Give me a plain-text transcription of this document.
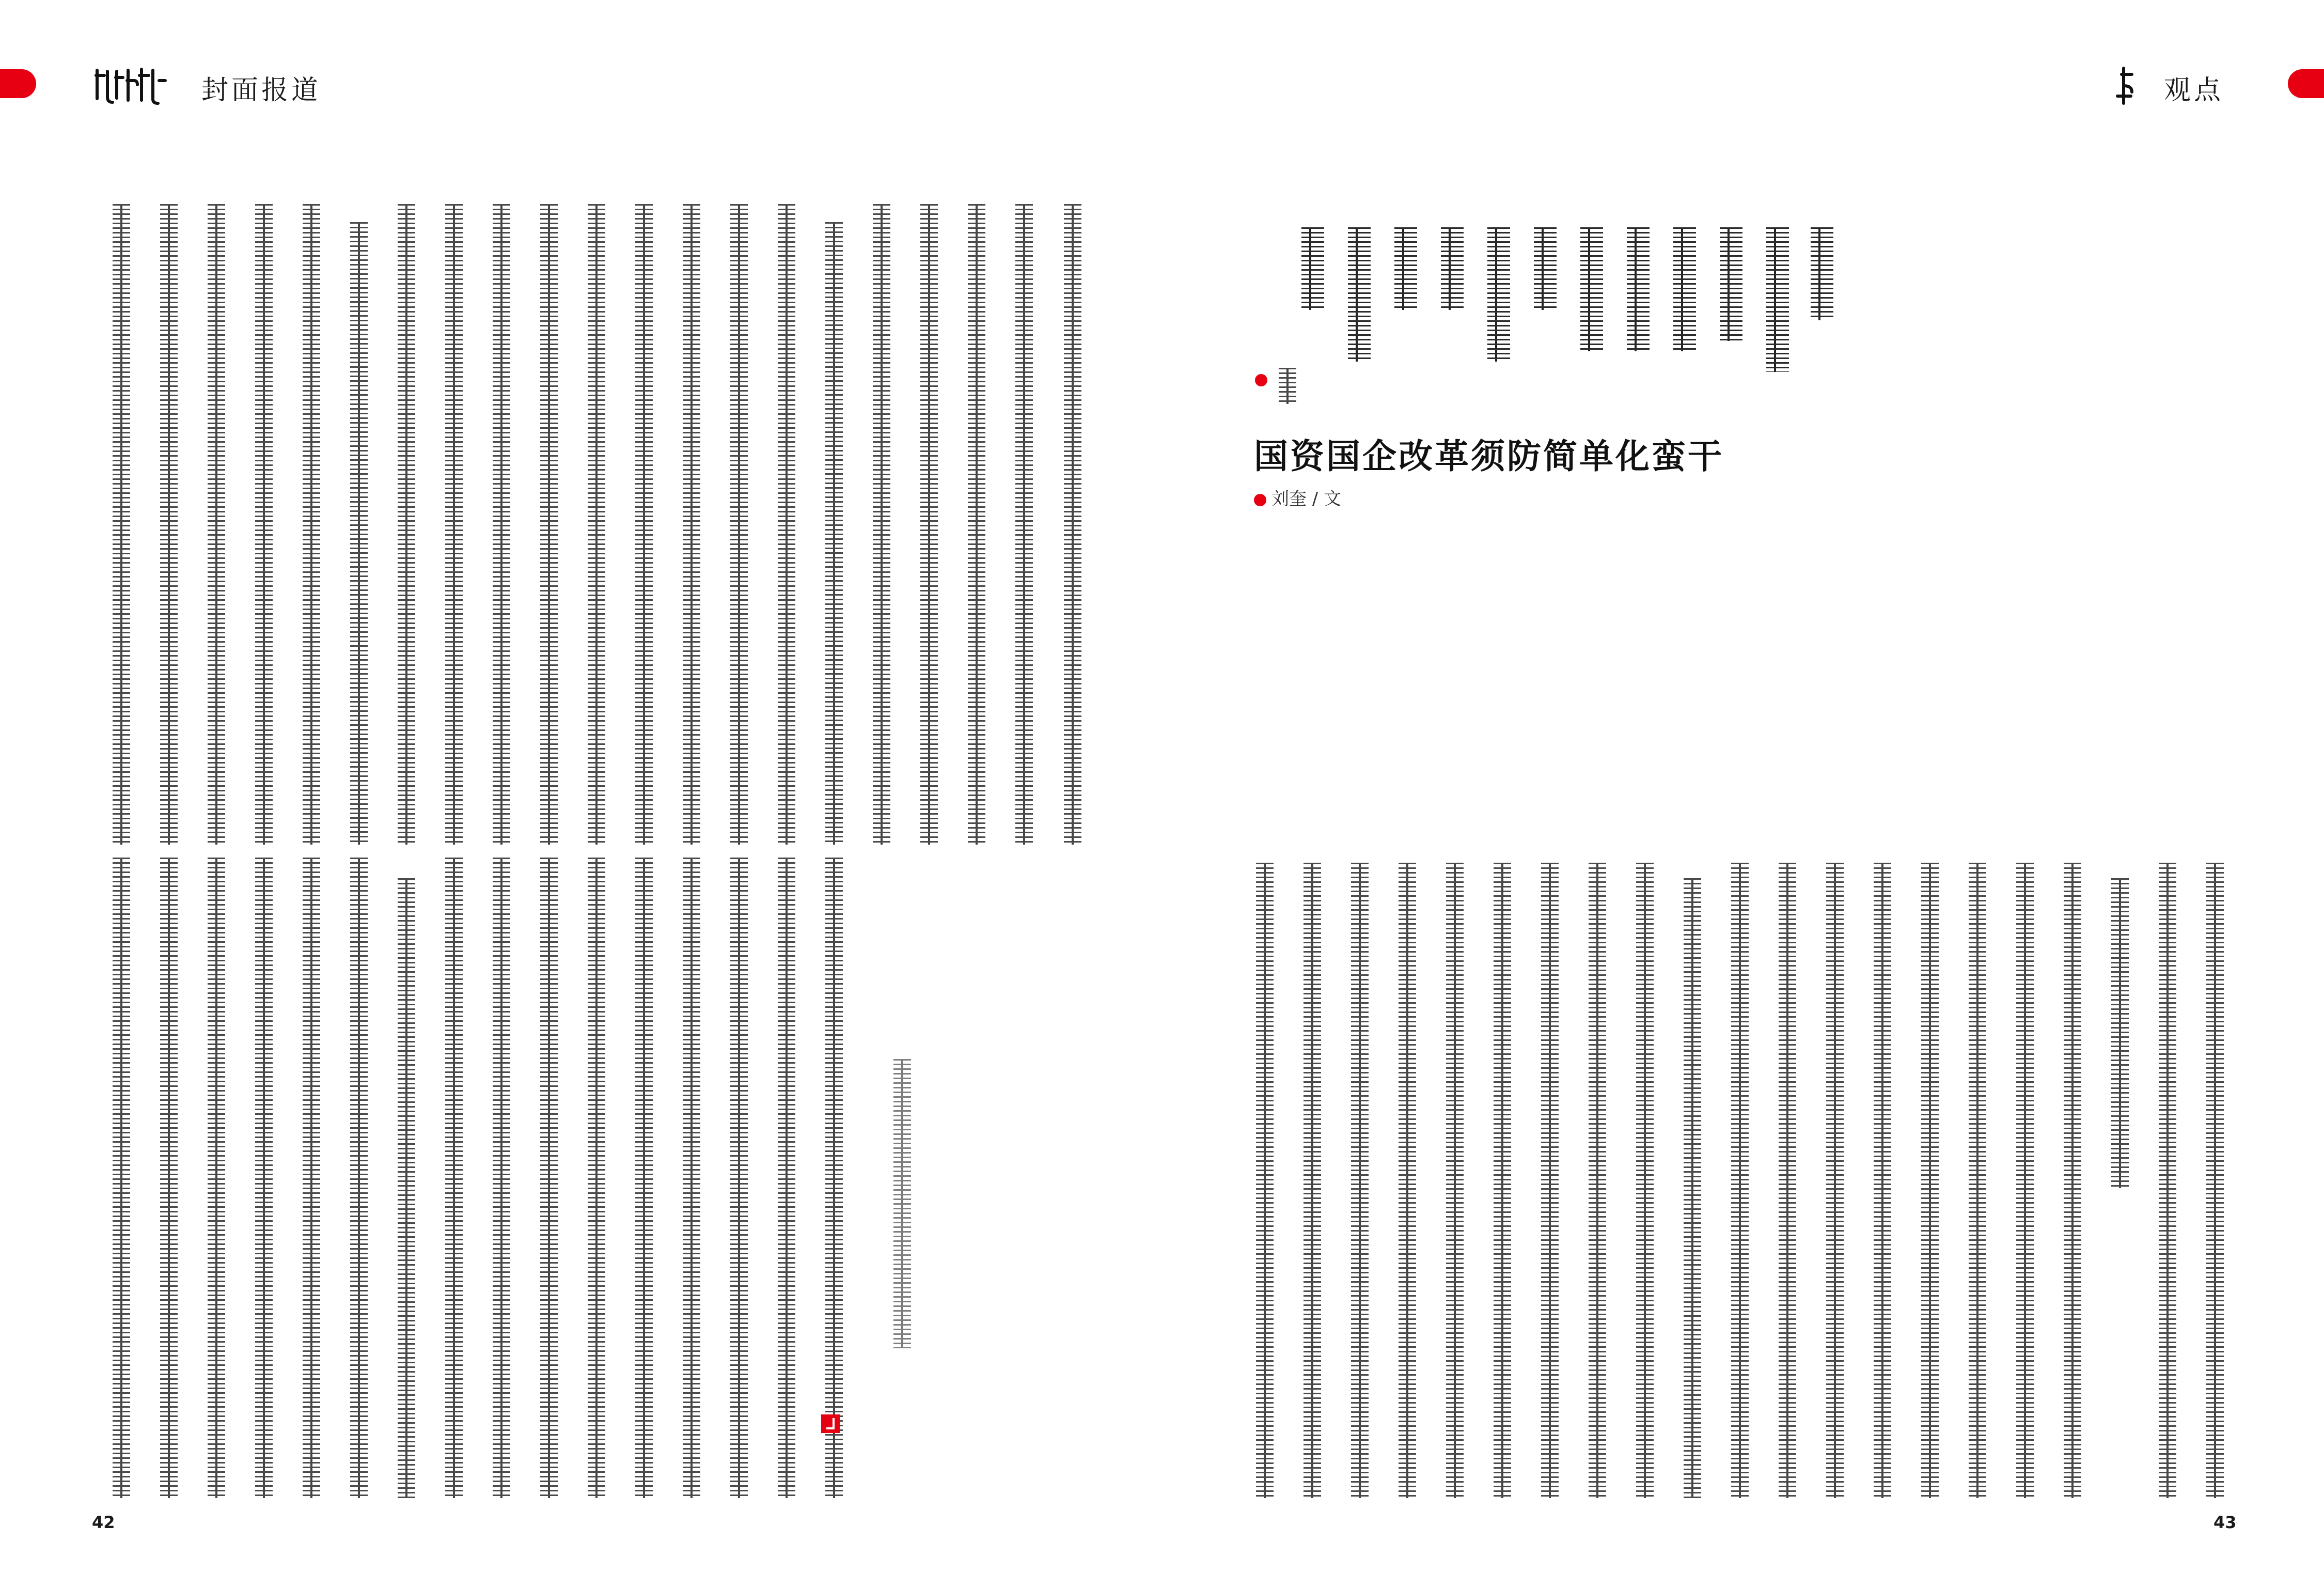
封面报道	观点
国资国企改革须防简单化蛮干
刘奎 / 文
42	43
